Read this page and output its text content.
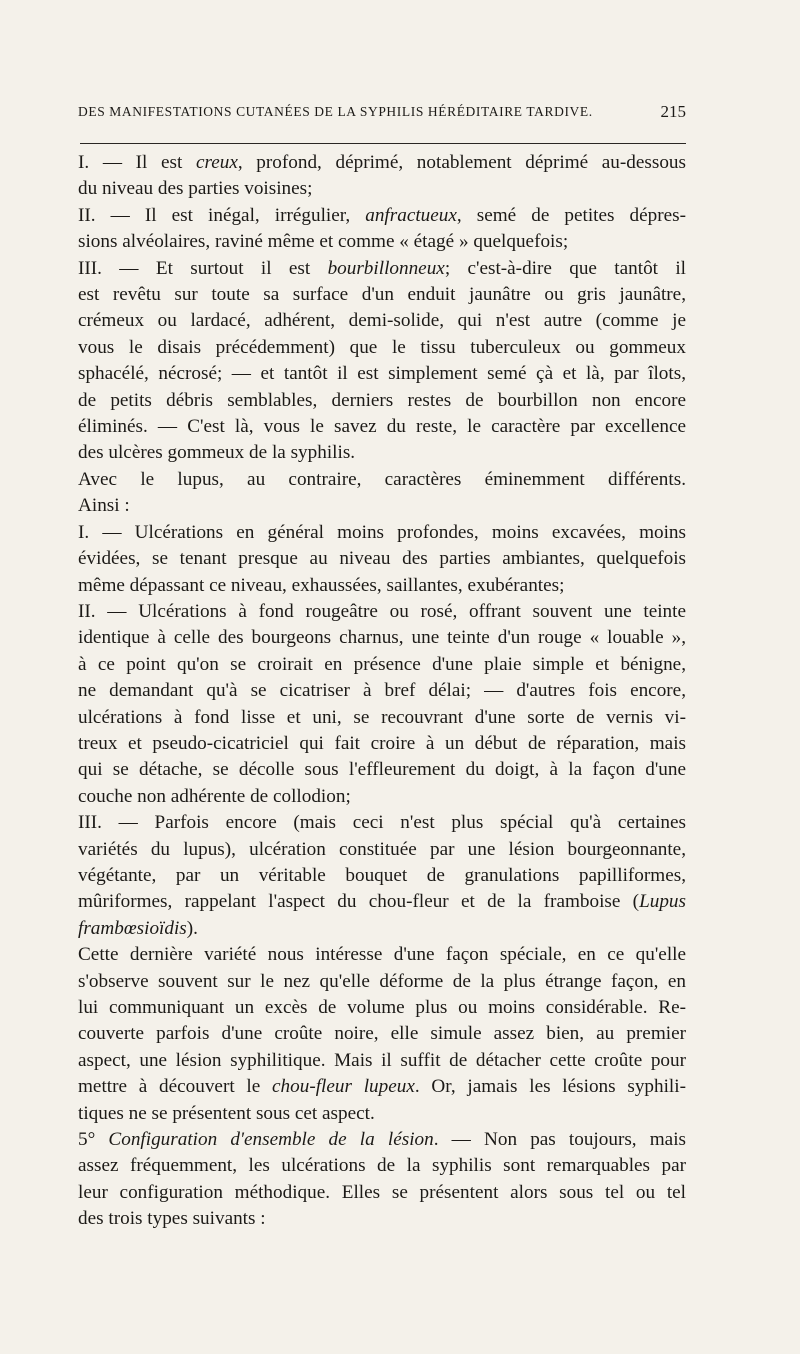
DES MANIFESTATIONS CUTANÉES DE LA SYPHILIS HÉRÉDITAIRE TARDIVE.	215
I. — Il est creux, profond, déprimé, notablement déprimé au-dessous
du niveau des parties voisines;
II. — Il est inégal, irrégulier, anfractueux, semé de petites dépres-
sions alvéolaires, raviné même et comme « étagé » quelquefois;
III. — Et surtout il est bourbillonneux; c'est-à-dire que tantôt il
est revêtu sur toute sa surface d'un enduit jaunâtre ou gris jaunâtre,
crémeux ou lardacé, adhérent, demi-solide, qui n'est autre (comme je
vous le disais précédemment) que le tissu tuberculeux ou gommeux
sphacélé, nécrosé; — et tantôt il est simplement semé çà et là, par îlots,
de petits débris semblables, derniers restes de bourbillon non encore
éliminés. — C'est là, vous le savez du reste, le caractère par excellence
des ulcères gommeux de la syphilis.
Avec le lupus, au contraire, caractères éminemment différents.
Ainsi :
I. — Ulcérations en général moins profondes, moins excavées, moins
évidées, se tenant presque au niveau des parties ambiantes, quelquefois
même dépassant ce niveau, exhaussées, saillantes, exubérantes;
II. — Ulcérations à fond rougeâtre ou rosé, offrant souvent une teinte
identique à celle des bourgeons charnus, une teinte d'un rouge « louable »,
à ce point qu'on se croirait en présence d'une plaie simple et bénigne,
ne demandant qu'à se cicatriser à bref délai; — d'autres fois encore,
ulcérations à fond lisse et uni, se recouvrant d'une sorte de vernis vi-
treux et pseudo-cicatriciel qui fait croire à un début de réparation, mais
qui se détache, se décolle sous l'effleurement du doigt, à la façon d'une
couche non adhérente de collodion;
III. — Parfois encore (mais ceci n'est plus spécial qu'à certaines
variétés du lupus), ulcération constituée par une lésion bourgeonnante,
végétante, par un véritable bouquet de granulations papilliformes,
mûriformes, rappelant l'aspect du chou-fleur et de la framboise (Lupus
frambœsioïdis).
Cette dernière variété nous intéresse d'une façon spéciale, en ce qu'elle
s'observe souvent sur le nez qu'elle déforme de la plus étrange façon, en
lui communiquant un excès de volume plus ou moins considérable. Re-
couverte parfois d'une croûte noire, elle simule assez bien, au premier
aspect, une lésion syphilitique. Mais il suffit de détacher cette croûte pour
mettre à découvert le chou-fleur lupeux. Or, jamais les lésions syphili-
tiques ne se présentent sous cet aspect.
5° Configuration d'ensemble de la lésion. — Non pas toujours, mais
assez fréquemment, les ulcérations de la syphilis sont remarquables par
leur configuration méthodique. Elles se présentent alors sous tel ou tel
des trois types suivants :
